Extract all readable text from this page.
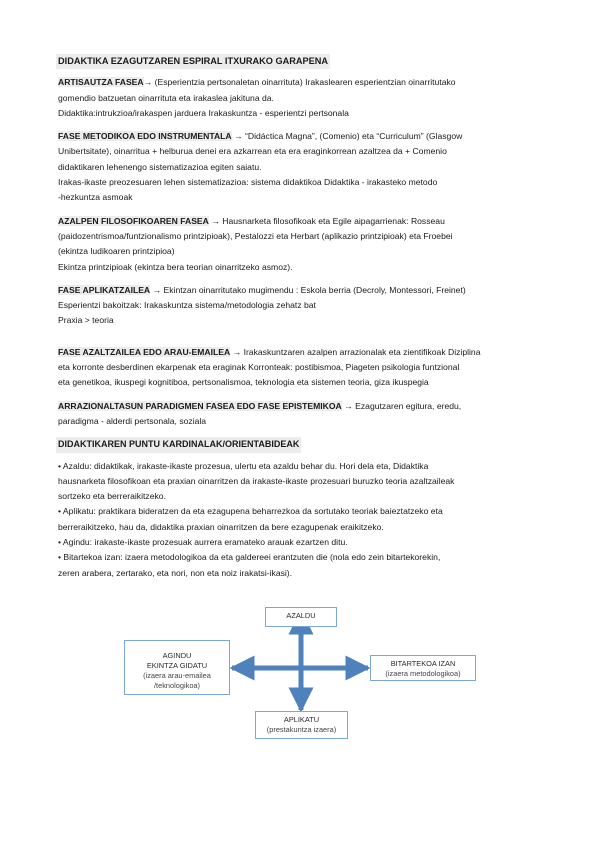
DIDAKTIKA EZAGUTZAREN ESPIRAL ITXURAKO GARAPENA
ARTISAUTZA FASEA→ (Esperientzia pertsonaletan oinarrituta) Irakaslearen esperientzian oinarritutako
gomendio batzuetan oinarrituta eta irakaslea jakituna da.
Didaktika:intrukzioa/irakaspen jarduera Irakaskuntza - esperientzi pertsonala
FASE METODIKOA EDO INSTRUMENTALA → “Didáctica Magna”, (Comenio) eta “Curriculum” (Glasgow
Unibertsitate), oinarritua + helburua denei era azkarrean eta era eraginkorrean azaltzea da + Comenio
didaktikaren lehenengo sistematizazioa egiten saiatu.
Irakas-ikaste preozesuaren lehen sistematizazioa: sistema didaktikoa Didaktika - irakasteko metodo
-hezkuntza asmoak
AZALPEN FILOSOFIKOAREN FASEA → Hausnarketa filosofikoak eta Egile aipagarrienak: Rosseau
(paidozentrismoa/funtzionalismo printzipioak), Pestalozzi eta Herbart (aplikazio printzipioak) eta Froebei
(ekintza ludikoaren printzipioa)
Ekintza printzipioak (ekintza bera teorian oinarritzeko asmoz).
FASE APLIKATZAILEA → Ekintzan oinarritutako mugimendu : Eskola berria (Decroly, Montessori, Freinet)
Esperientzi bakoitzak: Irakaskuntza sistema/metodologia zehatz bat
Praxia > teoria
FASE AZALTZAILEA EDO ARAU-EMAILEA → Irakaskuntzaren azalpen arrazionalak eta zientifikoak Diziplina
eta korronte desberdinen ekarpenak eta eraginak Korronteak: postibismoa, Piageten psikologia funtzional
eta genetikoa, ikuspegi kognitiboa, pertsonalismoa, teknologia eta sistemen teoria, giza ikuspegia
ARRAZIONALTASUN PARADIGMEN FASEA EDO FASE EPISTEMIKOA → Ezagutzaren egitura, eredu,
paradigma - alderdi pertsonala, soziala
DIDAKTIKAREN PUNTU KARDINALAK/ORIENTABIDEAK
• Azaldu: didaktikak, irakaste-ikaste prozesua, ulertu eta azaldu behar du. Hori dela eta, Didaktika
hausnarketa filosofikoan eta praxian oinarritzen da irakaste-ikaste prozesuari buruzko teoria azaltzaileak
sortzeko eta berreraikitzeko.
• Aplikatu: praktikara bideratzen da eta ezagupena beharrezkoa da sortutako teoriak baieztatzeko eta
berreraikitzeko, hau da, didaktika praxian oinarritzen da bere ezagupenak eraikitzeko.
• Agindu: irakaste-ikaste prozesuak aurrera eramateko arauak ezartzen ditu.
• Bitartekoa izan: izaera metodologikoa da eta galdereei erantzuten die (nola edo zein bitartekorekin,
zeren arabera, zertarako, eta nori, non eta noiz irakatsi-ikasi).
AZALDU
AGINDU
EKINTZA GIDATU
(izaera arau-emailea
/teknologikoa)
BITARTEKOA IZAN
(izaera metodologikoa)
APLIKATU
(prestakuntza izaera)
